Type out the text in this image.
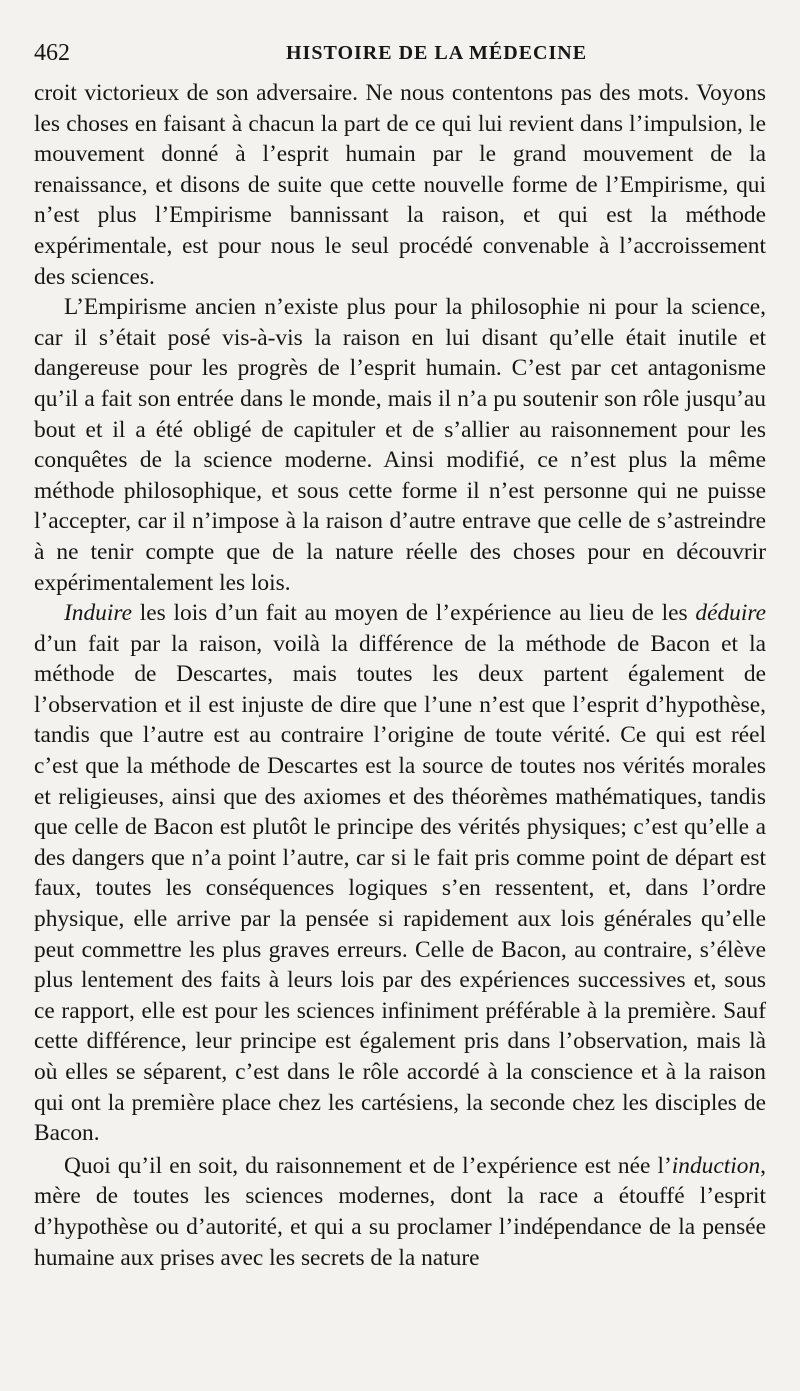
462	HISTOIRE DE LA MÉDECINE

croit victorieux de son adversaire. Ne nous contentons pas des mots. Voyons les choses en faisant à chacun la part de ce qui lui revient dans l’impulsion, le mouvement donné à l’esprit humain par le grand mouvement de la renaissance, et disons de suite que cette nouvelle forme de l’Empirisme, qui n’est plus l’Empirisme bannissant la raison, et qui est la méthode expérimentale, est pour nous le seul procédé convenable à l’accroissement des sciences.

L’Empirisme ancien n’existe plus pour la philosophie ni pour la science, car il s’était posé vis-à-vis la raison en lui disant qu’elle était inutile et dangereuse pour les progrès de l’esprit humain. C’est par cet antagonisme qu’il a fait son entrée dans le monde, mais il n’a pu soutenir son rôle jusqu’au bout et il a été obligé de capituler et de s’allier au raisonnement pour les conquêtes de la science moderne. Ainsi modifié, ce n’est plus la même méthode philosophique, et sous cette forme il n’est personne qui ne puisse l’accepter, car il n’impose à la raison d’autre entrave que celle de s’astreindre à ne tenir compte que de la nature réelle des choses pour en découvrir expérimentalement les lois.

Induire les lois d’un fait au moyen de l’expérience au lieu de les déduire d’un fait par la raison, voilà la différence de la méthode de Bacon et la méthode de Descartes, mais toutes les deux partent également de l’observation et il est injuste de dire que l’une n’est que l’esprit d’hypothèse, tandis que l’autre est au contraire l’origine de toute vérité. Ce qui est réel c’est que la méthode de Descartes est la source de toutes nos vérités morales et religieuses, ainsi que des axiomes et des théorèmes mathématiques, tandis que celle de Bacon est plutôt le principe des vérités physiques; c’est qu’elle a des dangers que n’a point l’autre, car si le fait pris comme point de départ est faux, toutes les conséquences logiques s’en ressentent, et, dans l’ordre physique, elle arrive par la pensée si rapidement aux lois générales qu’elle peut commettre les plus graves erreurs. Celle de Bacon, au contraire, s’élève plus lentement des faits à leurs lois par des expériences successives et, sous ce rapport, elle est pour les sciences infiniment préférable à la première. Sauf cette différence, leur principe est également pris dans l’observation, mais là où elles se séparent, c’est dans le rôle accordé à la conscience et à la raison qui ont la première place chez les cartésiens, la seconde chez les disciples de Bacon.

Quoi qu’il en soit, du raisonnement et de l’expérience est née l’induction, mère de toutes les sciences modernes, dont la race a étouffé l’esprit d’hypothèse ou d’autorité, et qui a su proclamer l’indépendance de la pensée humaine aux prises avec les secrets de la nature
